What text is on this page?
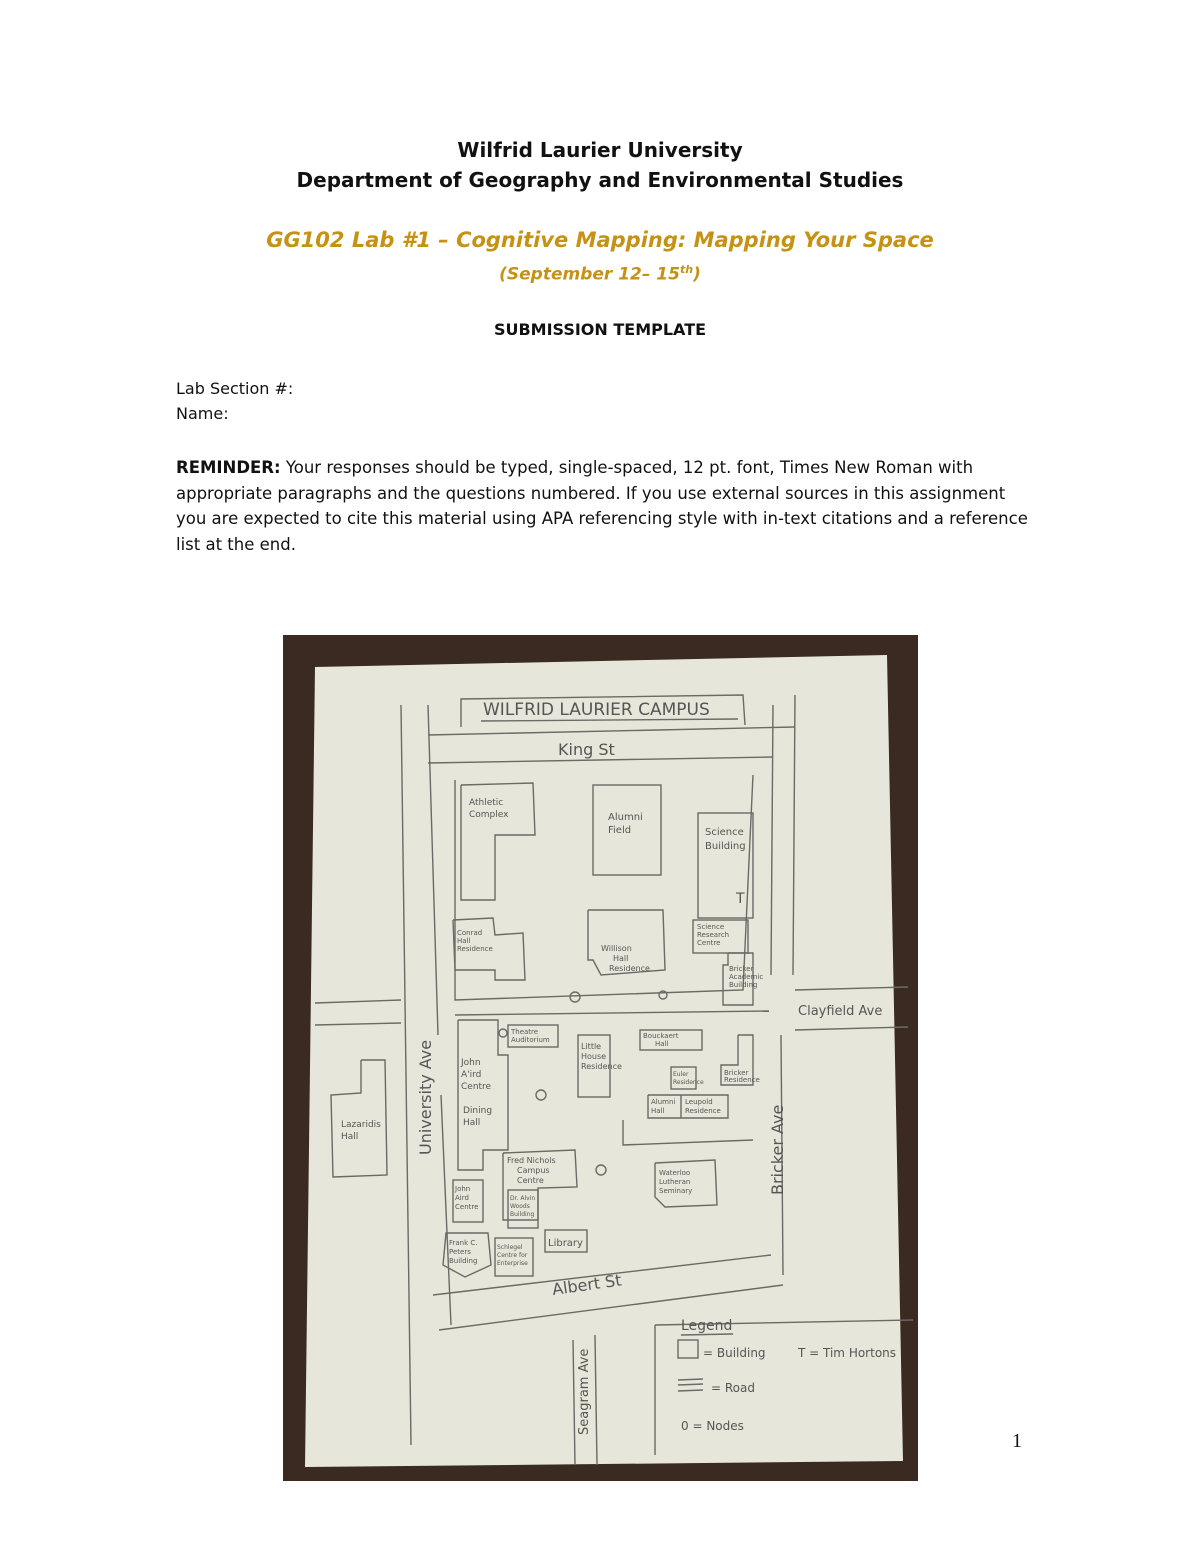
Wilfrid Laurier University
Department of Geography and Environmental Studies
GG102 Lab #1 – Cognitive Mapping: Mapping Your Space
(September 12– 15th)
SUBMISSION TEMPLATE
Lab Section #:
Name:
REMINDER: Your responses should be typed, single-spaced, 12 pt. font, Times New Roman with appropriate paragraphs and the questions numbered. If you use external sources in this assignment you are expected to cite this material using APA referencing style with in-text citations and a reference list at the end.
WILFRID LAURIER CAMPUS
King St
Albert St
Clayfield Ave
University Ave	Bricker Ave
Seagram Ave
Lazaridis
Hall
Athletic
Complex	Alumni
Field
T
Science
Building
Science
Research
Centre
Bricker
Academic
Building
Conrad
Hall
Residence	Willison
Hall
Residence
John
A'ird
Centre
Dining
Hall
Theatre
Auditorium
Little
House
Residence
Bouckaert
Hall
Bricker
Residence
Euler
Residence
Alumni
Hall
Leupold
Residence
Fred Nichols
Campus
Centre
Dr. Alvin
Woods
Building
Waterloo
Lutheran
Seminary
John
Aird
Centre
Frank C.
Peters
Building
Schlegel
Centre for
Enterprise
Library
Legend
= Building	T = Tim Hortons
= Road
0 = Nodes
1
